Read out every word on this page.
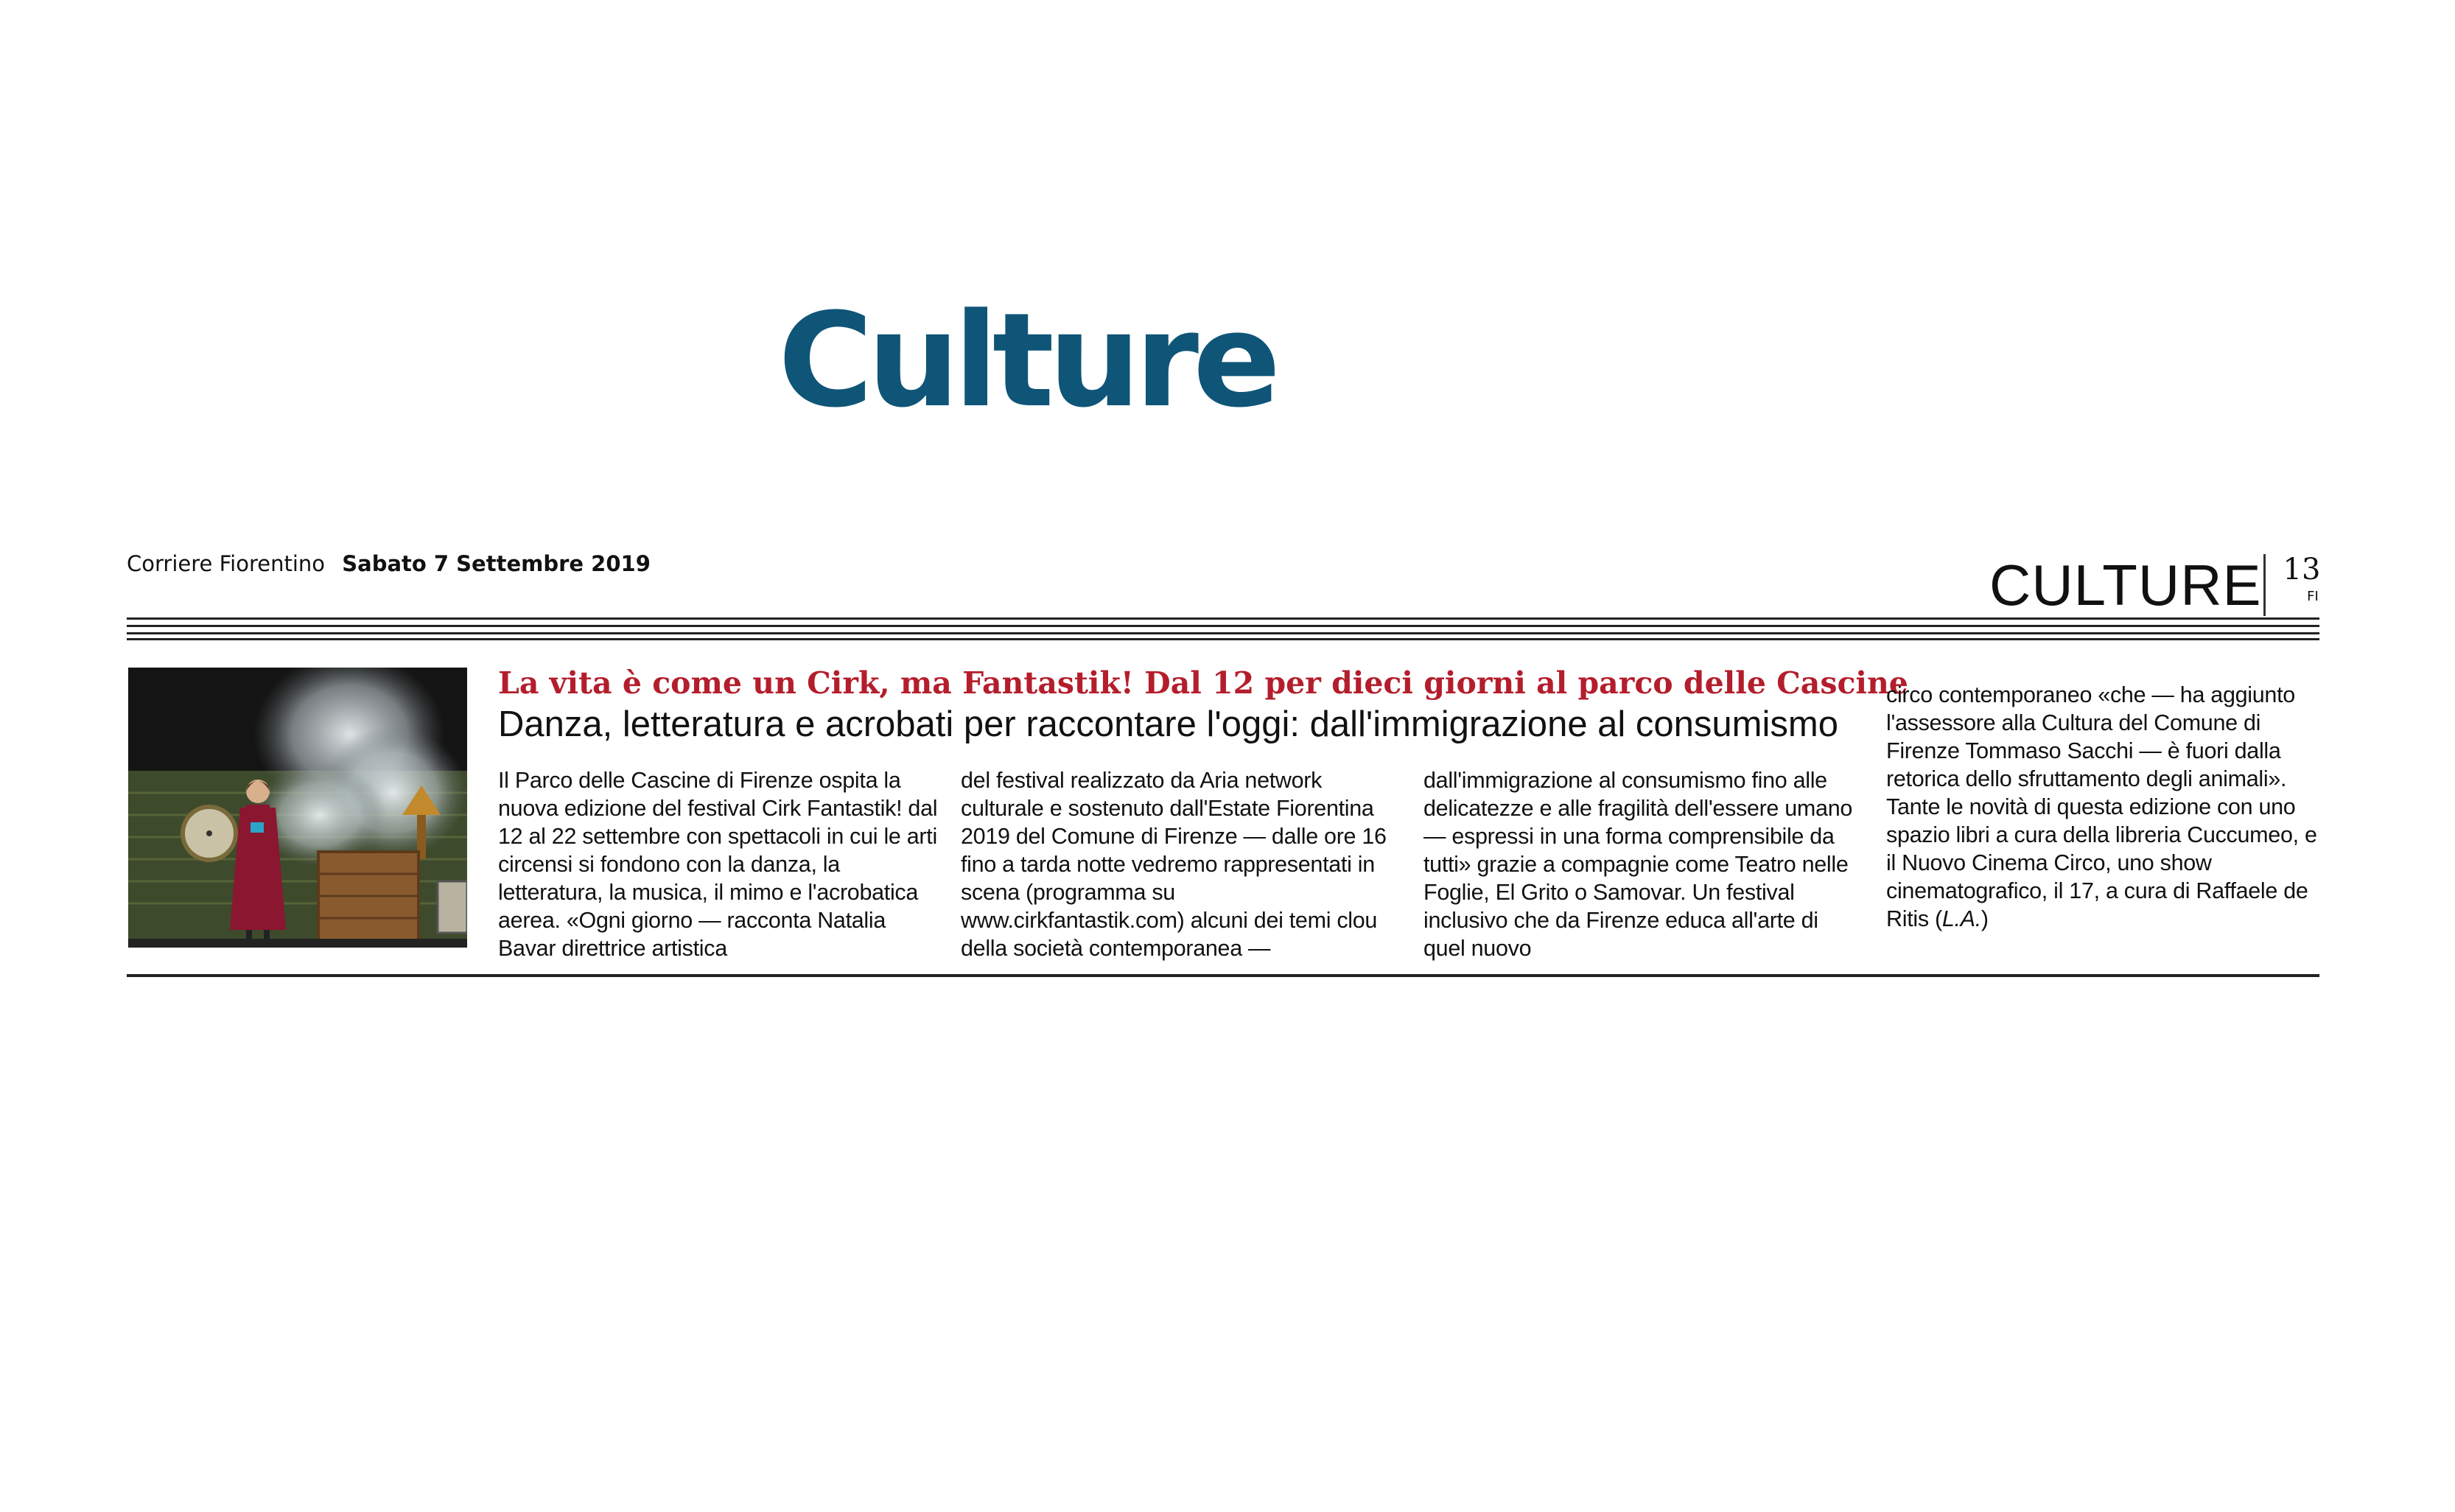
Culture
Corriere Fiorentino Sabato 7 Settembre 2019	CULTURE 13
FI
La vita è come un Cirk, ma Fantastik! Dal 12 per dieci giorni al parco delle Cascine
Danza, letteratura e acrobati per raccontare l'oggi: dall'immigrazione al consumismo
Il Parco delle Cascine di Firenze ospita la nuova edizione del festival Cirk Fantastik! dal 12 al 22 settembre con spettacoli in cui le arti circensi si fondono con la danza, la letteratura, la musica, il mimo e l'acrobatica aerea. «Ogni giorno — racconta Natalia Bavar direttrice artistica
del festival realizzato da Aria network culturale e sostenuto dall'Estate Fiorentina 2019 del Comune di Firenze — dalle ore 16 fino a tarda notte vedremo rappresentati in scena (programma su www.cirkfantastik.com) alcuni dei temi clou della società contemporanea —
dall'immigrazione al consumismo fino alle delicatezze e alle fragilità dell'essere umano — espressi in una forma comprensibile da tutti» grazie a compagnie come Teatro nelle Foglie, El Grito o Samovar. Un festival inclusivo che da Firenze educa all'arte di quel nuovo

circo contemporaneo «che — ha aggiunto l'assessore alla Cultura del Comune di Firenze Tommaso Sacchi — è fuori dalla retorica dello sfruttamento degli animali».

Tante le novità di questa edizione con uno spazio libri a cura della libreria Cuccumeo, e il Nuovo Cinema Circo, uno show cinematografico, il 17, a cura di Raffaele de Ritis (L.A.)
